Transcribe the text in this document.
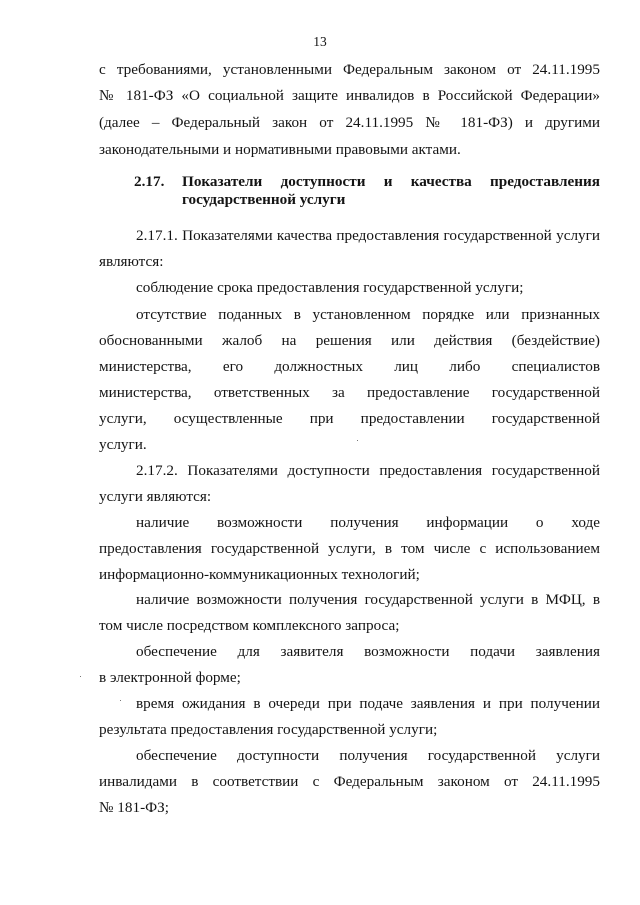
13
с требованиями, установленными Федеральным законом от 24.11.1995
№ 181-ФЗ «О социальной защите инвалидов в Российской Федерации»
(далее – Федеральный закон от 24.11.1995 № 181-ФЗ) и другими
законодательными и нормативными правовыми актами.
2.17. Показатели доступности и качества предоставления
государственной услуги
2.17.1. Показателями качества предоставления государственной услуги
являются:
соблюдение срока предоставления государственной услуги;
отсутствие поданных в установленном порядке или признанных
обоснованными жалоб на решения или действия (бездействие)
министерства, его должностных лиц либо специалистов
министерства, ответственных за предоставление государственной
услуги, осуществленные при предоставлении государственной
услуги.
2.17.2. Показателями доступности предоставления государственной
услуги являются:
наличие возможности получения информации о ходе
предоставления государственной услуги, в том числе с использованием
информационно-коммуникационных технологий;
наличие возможности получения государственной услуги в МФЦ, в
том числе посредством комплексного запроса;
обеспечение для заявителя возможности подачи заявления
в электронной форме;
время ожидания в очереди при подаче заявления и при получении
результата предоставления государственной услуги;
обеспечение доступности получения государственной услуги
инвалидами в соответствии с Федеральным законом от 24.11.1995
№ 181-ФЗ;
